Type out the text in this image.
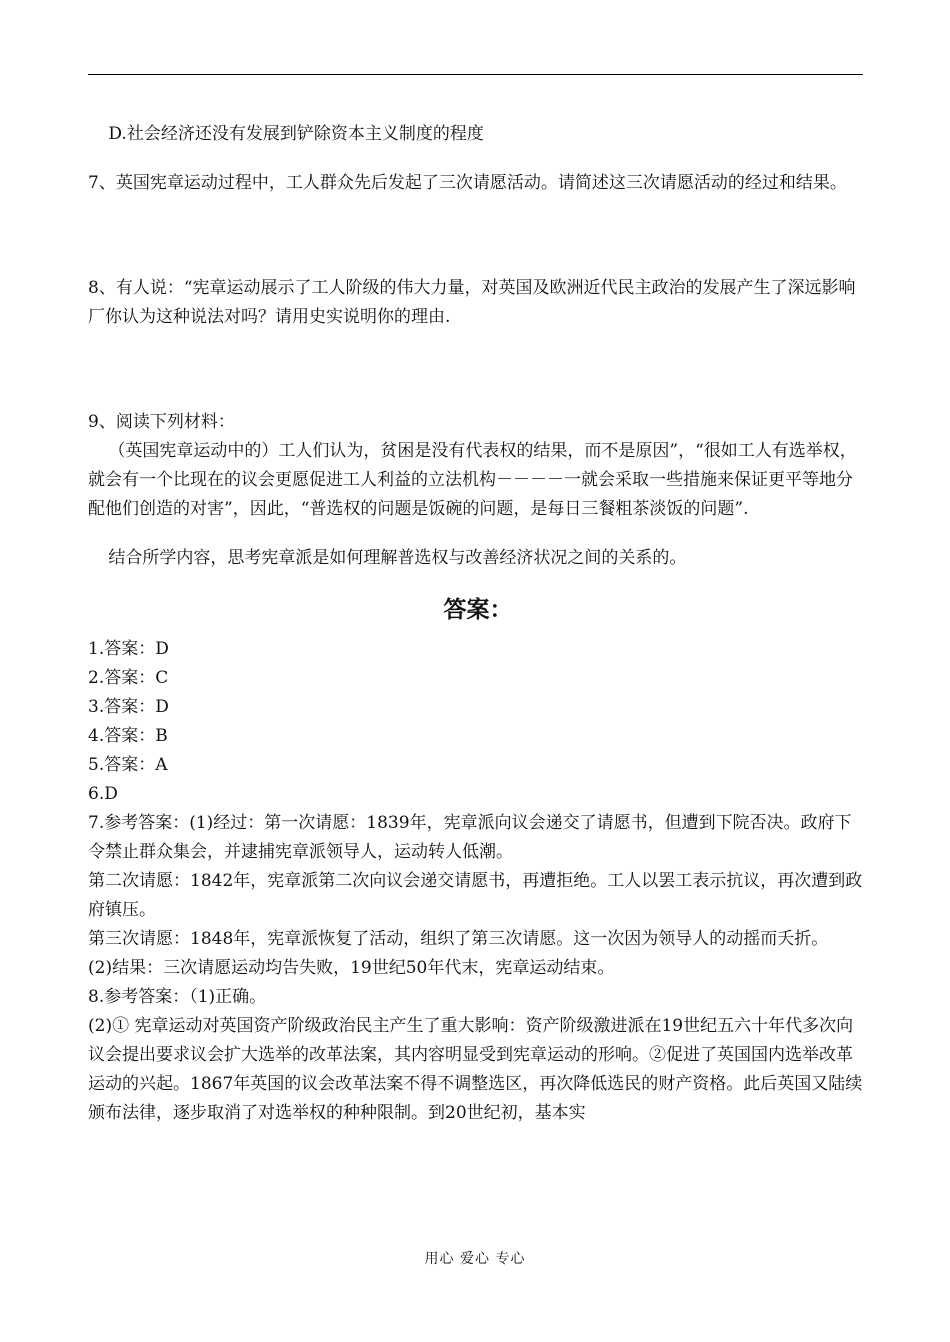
D.社会经济还没有发展到铲除资本主义制度的程度

7、英国宪章运动过程中，工人群众先后发起了三次请愿活动。请简述这三次请愿活动的经过和结果。

8、有人说：“宪章运动展示了工人阶级的伟大力量，对英国及欧洲近代民主政治的发展产生了深远影响厂你认为这种说法对吗？请用史实说明你的理由.

9、阅读下列材料：

（英国宪章运动中的）工人们认为，贫困是没有代表权的结果，而不是原因”，“很如工人有选举权，就会有一个比现在的议会更愿促进工人利益的立法机构－－－－一就会采取一些措施来保证更平等地分配他们创造的对害”，因此，“普选权的问题是饭碗的问题，是每日三餐粗茶淡饭的问题”.

结合所学内容，思考宪章派是如何理解普选权与改善经济状况之间的关系的。

答案：

1.答案：D

2.答案：C

3.答案：D

4.答案：B

5.答案：A

6.D

7.参考答案：(1)经过：第一次请愿：1839年，宪章派向议会递交了请愿书，但遭到下院否决。政府下令禁止群众集会，并逮捕宪章派领导人，运动转人低潮。

第二次请愿：1842年，宪章派第二次向议会递交请愿书，再遭拒绝。工人以罢工表示抗议，再次遭到政府镇压。

第三次请愿：1848年，宪章派恢复了活动，组织了第三次请愿。这一次因为领导人的动摇而夭折。

(2)结果：三次请愿运动均告失败，19世纪50年代末，宪章运动结束。

8.参考答案：（1)正确。

(2)① 宪章运动对英国资产阶级政治民主产生了重大影响：资产阶级激进派在19世纪五六十年代多次向议会提出要求议会扩大选举的改革法案，其内容明显受到宪章运动的形响。②促进了英国国内选举改革运动的兴起。1867年英国的议会改革法案不得不调整选区，再次降低选民的财产资格。此后英国又陆续颁布法律，逐步取消了对选举权的种种限制。到20世纪初，基本实

用心 爱心 专心
